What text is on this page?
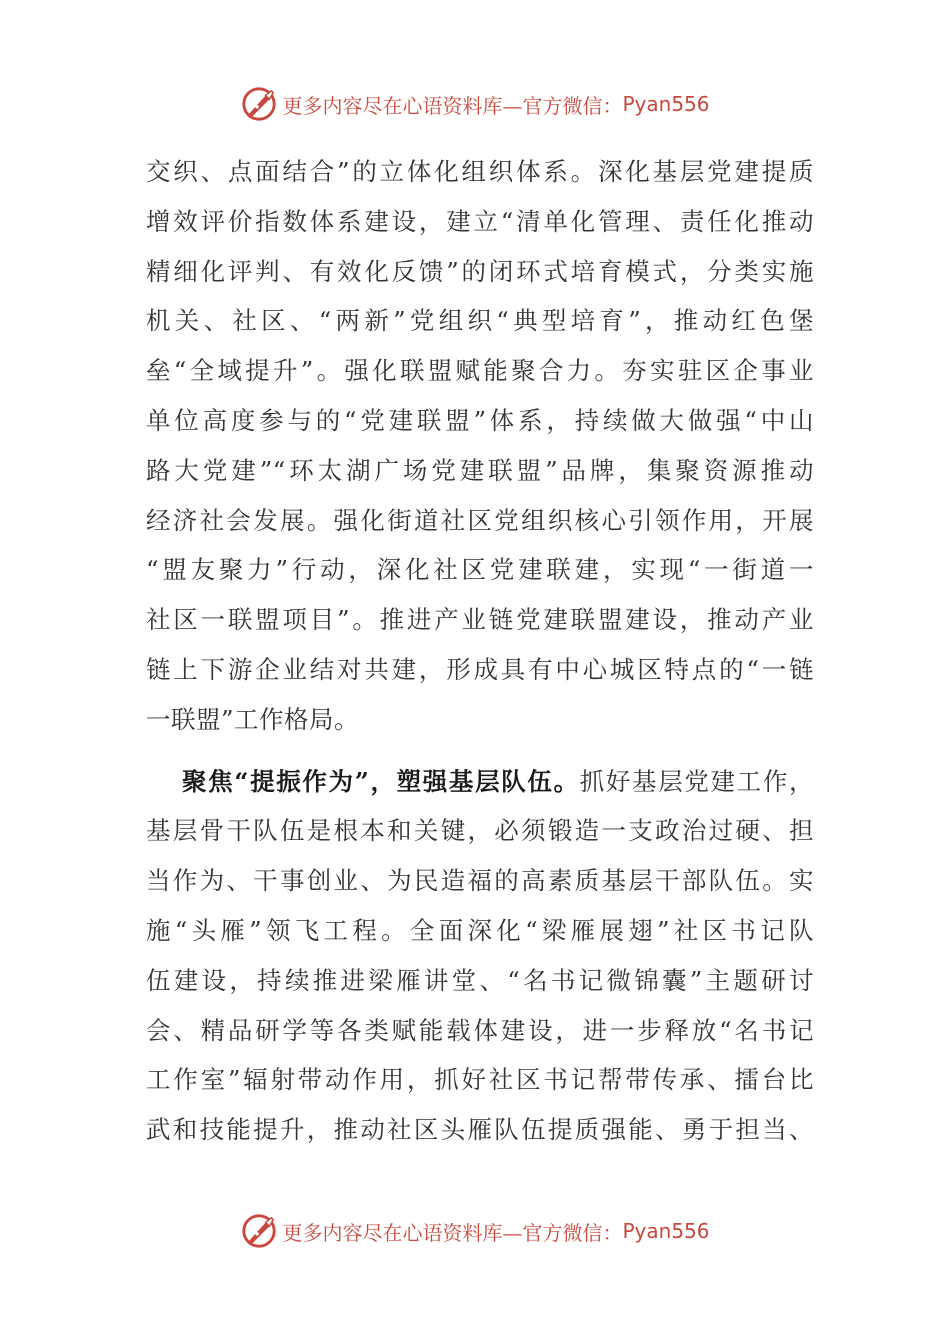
更多内容尽在心语资料库—官方微信： Pyan556
交织、点面结合”的立体化组织体系。深化基层党建提质
增效评价指数体系建设，建立“清单化管理、责任化推动
精细化评判、有效化反馈”的闭环式培育模式，分类实施
机关、社区、“两新”党组织“典型培育”，推动红色堡
垒“全域提升”。强化联盟赋能聚合力。夯实驻区企事业
单位高度参与的“党建联盟”体系，持续做大做强“中山
路大党建”“环太湖广场党建联盟”品牌，集聚资源推动
经济社会发展。强化街道社区党组织核心引领作用，开展
“盟友聚力”行动，深化社区党建联建，实现“一街道一
社区一联盟项目”。推进产业链党建联盟建设，推动产业
链上下游企业结对共建，形成具有中心城区特点的“一链
一联盟”工作格局。
聚焦“提振作为”，塑强基层队伍。抓好基层党建工作，
基层骨干队伍是根本和关键，必须锻造一支政治过硬、担
当作为、干事创业、为民造福的高素质基层干部队伍。实
施“头雁”领飞工程。全面深化“梁雁展翅”社区书记队
伍建设，持续推进梁雁讲堂、“名书记微锦囊”主题研讨
会、精品研学等各类赋能载体建设，进一步释放“名书记
工作室”辐射带动作用，抓好社区书记帮带传承、擂台比
武和技能提升，推动社区头雁队伍提质强能、勇于担当、
更多内容尽在心语资料库—官方微信： Pyan556
